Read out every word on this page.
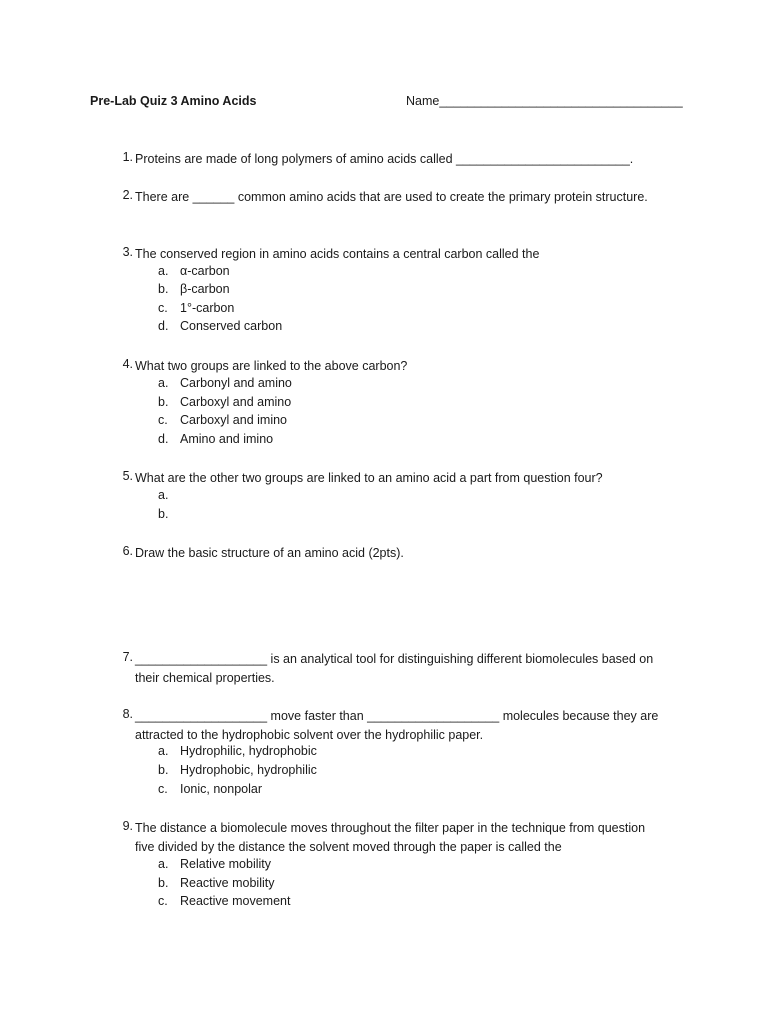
Pre-Lab Quiz 3 Amino Acids	Name___________________________________
1. Proteins are made of long polymers of amino acids called _________________________.
2. There are ______ common amino acids that are used to create the primary protein structure.
3. The conserved region in amino acids contains a central carbon called the
a. α-carbon
b. β-carbon
c. 1°-carbon
d. Conserved carbon
4. What two groups are linked to the above carbon?
a. Carbonyl and amino
b. Carboxyl and amino
c. Carboxyl and imino
d. Amino and imino
5. What are the other two groups are linked to an amino acid a part from question four?
a.
b.
6. Draw the basic structure of an amino acid (2pts).
7. ___________________ is an analytical tool for distinguishing different biomolecules based on
their chemical properties.
8. ___________________ move faster than ___________________ molecules because they are
attracted to the hydrophobic solvent over the hydrophilic paper.
a. Hydrophilic, hydrophobic
b. Hydrophobic, hydrophilic
c. Ionic, nonpolar
9. The distance a biomolecule moves throughout the filter paper in the technique from question
five divided by the distance the solvent moved through the paper is called the
a. Relative mobility
b. Reactive mobility
c. Reactive movement
